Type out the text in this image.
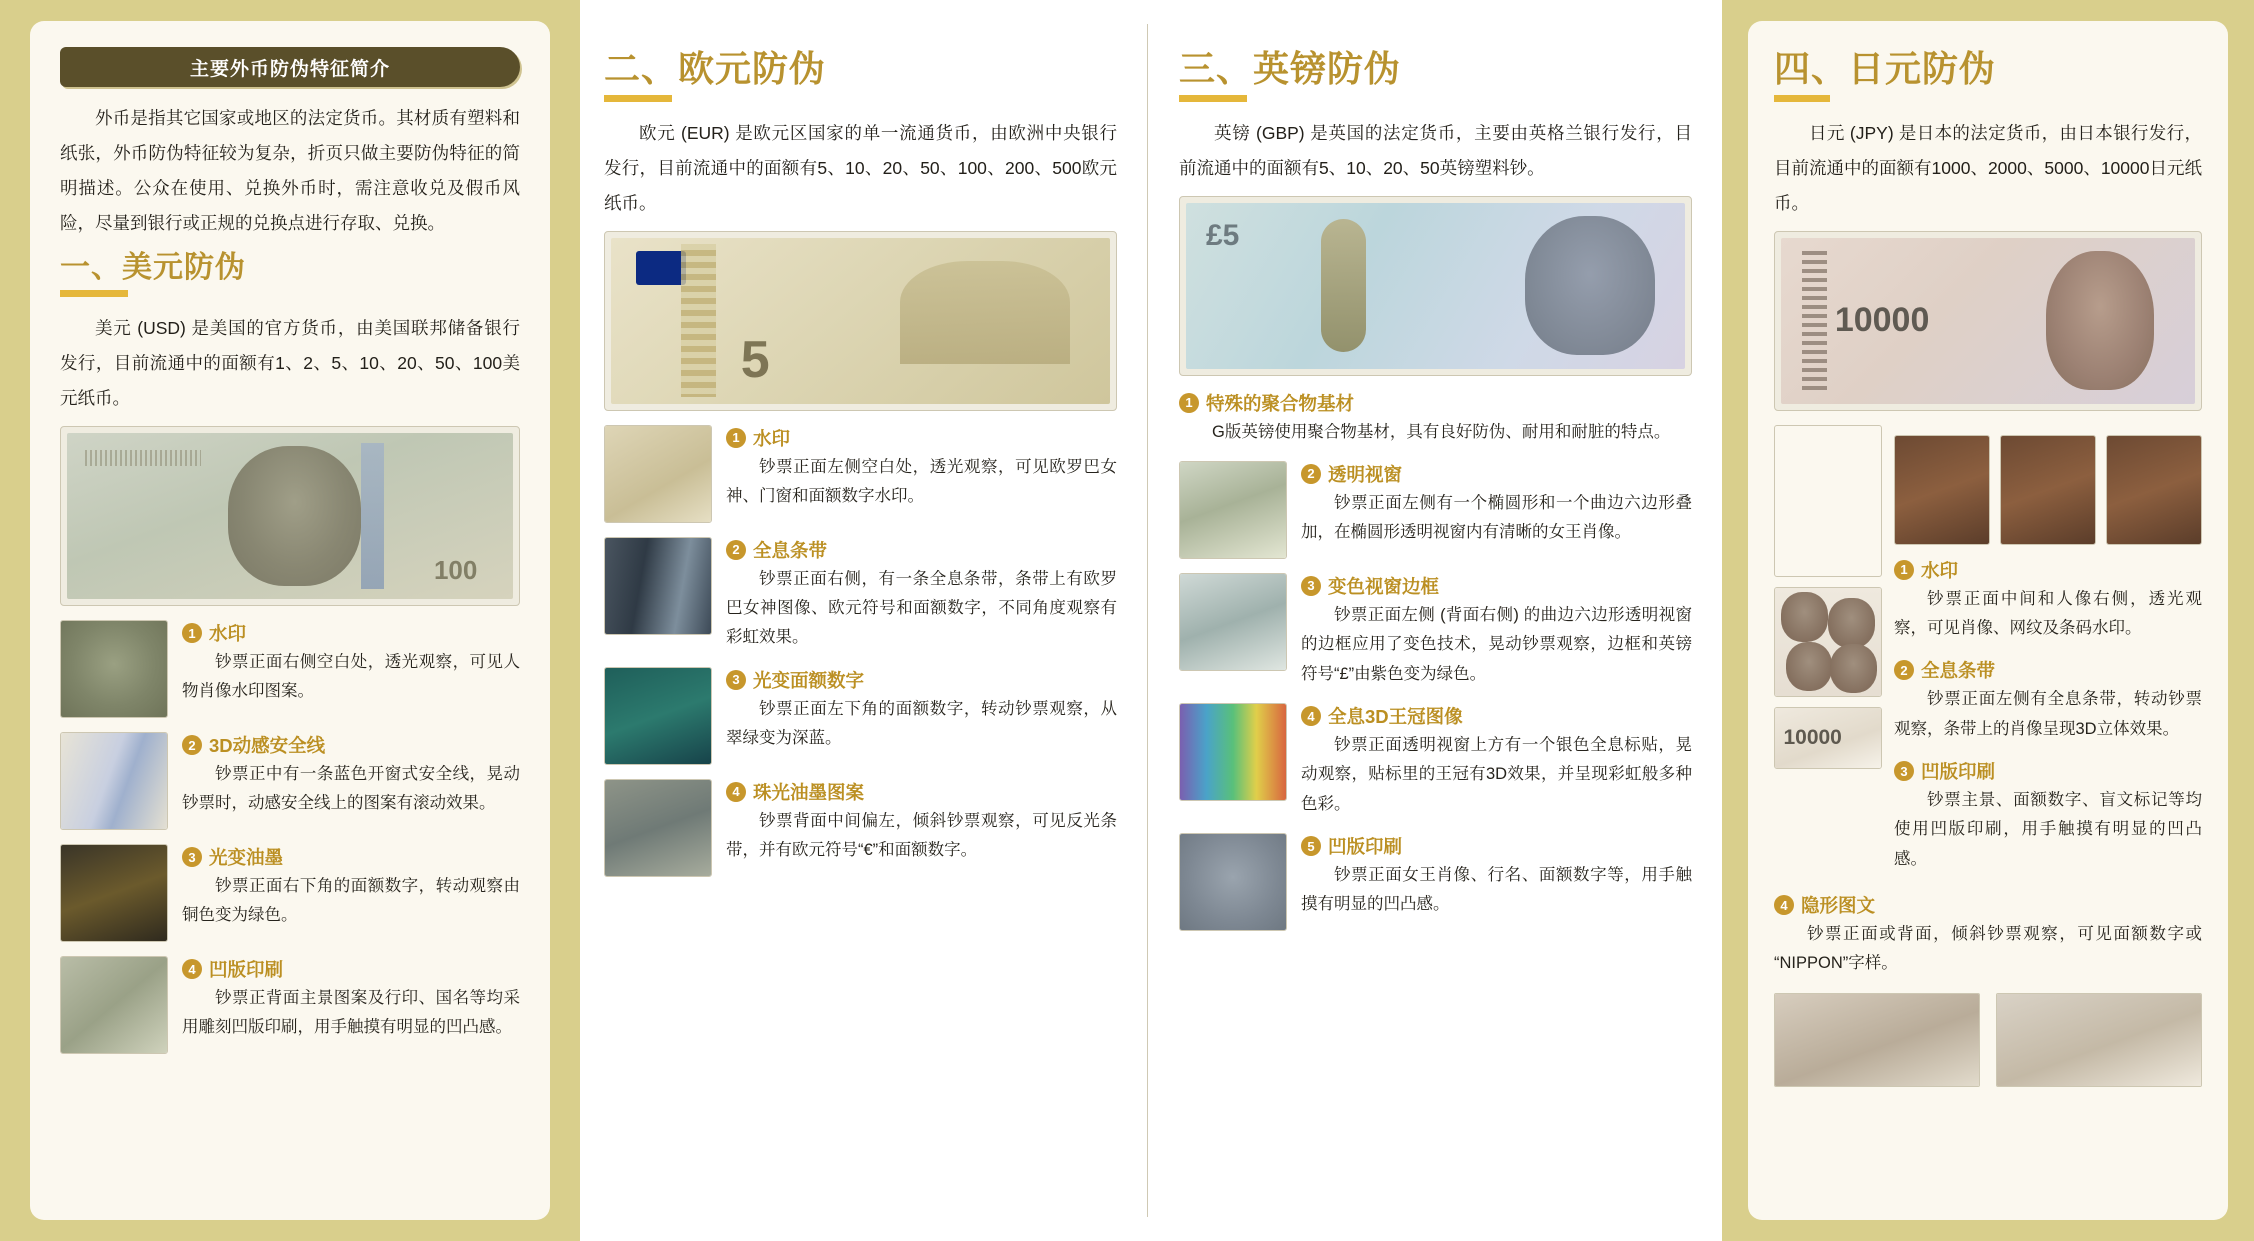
主要外币防伪特征简介

外币是指其它国家或地区的法定货币。其材质有塑料和纸张，外币防伪特征较为复杂，折页只做主要防伪特征的简明描述。公众在使用、兑换外币时，需注意收兑及假币风险，尽量到银行或正规的兑换点进行存取、兑换。

一、美元防伪

美元 (USD) 是美国的官方货币，由美国联邦储备银行发行，目前流通中的面额有1、2、5、10、20、50、100美元纸币。

100
1 水印
钞票正面右侧空白处，透光观察，可见人物肖像水印图案。
2 3D动感安全线
钞票正中有一条蓝色开窗式安全线，晃动钞票时，动感安全线上的图案有滚动效果。
3 光变油墨
钞票正面右下角的面额数字，转动观察由铜色变为绿色。
4 凹版印刷
钞票正背面主景图案及行印、国名等均采用雕刻凹版印刷，用手触摸有明显的凹凸感。
二、欧元防伪

欧元 (EUR) 是欧元区国家的单一流通货币，由欧洲中央银行发行，目前流通中的面额有5、10、20、50、100、200、500欧元纸币。

5
1 水印
钞票正面左侧空白处，透光观察，可见欧罗巴女神、门窗和面额数字水印。
2 全息条带
钞票正面右侧，有一条全息条带，条带上有欧罗巴女神图像、欧元符号和面额数字，不同角度观察有彩虹效果。
3 光变面额数字
钞票正面左下角的面额数字，转动钞票观察，从翠绿变为深蓝。
4 珠光油墨图案
钞票背面中间偏左，倾斜钞票观察，可见反光条带，并有欧元符号“€”和面额数字。
三、英镑防伪

英镑 (GBP) 是英国的法定货币，主要由英格兰银行发行，目前流通中的面额有5、10、20、50英镑塑料钞。

£5
1 特殊的聚合物基材
G版英镑使用聚合物基材，具有良好防伪、耐用和耐脏的特点。
2 透明视窗
钞票正面左侧有一个椭圆形和一个曲边六边形叠加，在椭圆形透明视窗内有清晰的女王肖像。
3 变色视窗边框
钞票正面左侧 (背面右侧) 的曲边六边形透明视窗的边框应用了变色技术，晃动钞票观察，边框和英镑符号“£”由紫色变为绿色。
4 全息3D王冠图像
钞票正面透明视窗上方有一个银色全息标贴，晃动观察，贴标里的王冠有3D效果，并呈现彩虹般多种色彩。
5 凹版印刷
钞票正面女王肖像、行名、面额数字等，用手触摸有明显的凹凸感。
四、日元防伪

日元 (JPY) 是日本的法定货币，由日本银行发行，目前流通中的面额有1000、2000、5000、10000日元纸币。

10000
10000
1 水印
钞票正面中间和人像右侧，透光观察，可见肖像、网纹及条码水印。
2 全息条带
钞票正面左侧有全息条带，转动钞票观察，条带上的肖像呈现3D立体效果。
3 凹版印刷
钞票主景、面额数字、盲文标记等均使用凹版印刷，用手触摸有明显的凹凸感。
4 隐形图文
钞票正面或背面，倾斜钞票观察，可见面额数字或“NIPPON”字样。
